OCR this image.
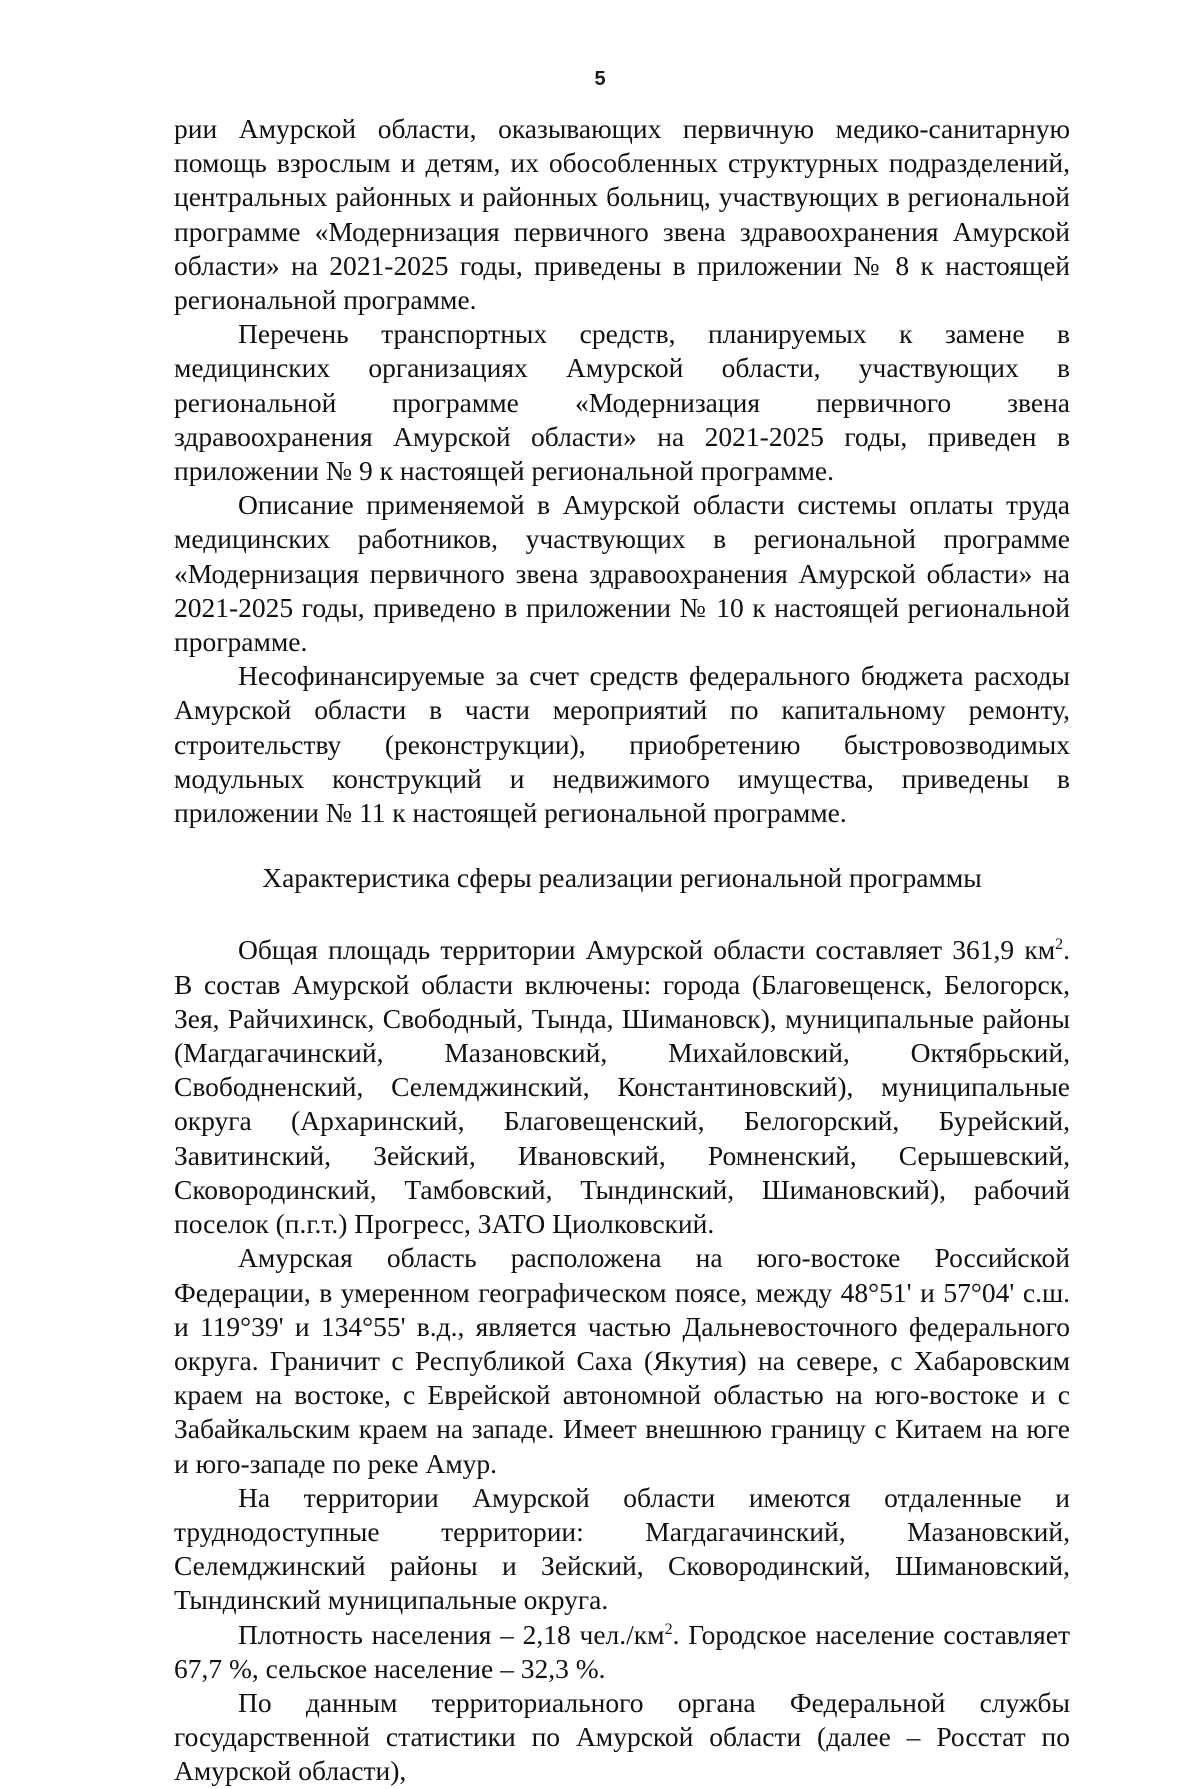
5

рии Амурской области, оказывающих первичную медико-санитарную помощь взрослым и детям, их обособленных структурных подразделений, центральных районных и районных больниц, участвующих в региональной программе «Модернизация первичного звена здравоохранения Амурской области» на 2021-2025 годы, приведены в приложении № 8 к настоящей региональной программе.

Перечень транспортных средств, планируемых к замене в медицинских организациях Амурской области, участвующих в региональной программе «Модернизация первичного звена здравоохранения Амурской области» на 2021-2025 годы, приведен в приложении № 9 к настоящей региональной программе.

Описание применяемой в Амурской области системы оплаты труда медицинских работников, участвующих в региональной программе «Модернизация первичного звена здравоохранения Амурской области» на 2021-2025 годы, приведено в приложении № 10 к настоящей региональной программе.

Несофинансируемые за счет средств федерального бюджета расходы Амурской области в части мероприятий по капитальному ремонту, строительству (реконструкции), приобретению быстровозводимых модульных конструкций и недвижимого имущества, приведены в приложении № 11 к настоящей региональной программе.

Характеристика сферы реализации региональной программы

Общая площадь территории Амурской области составляет 361,9 $км^2$. В состав Амурской области включены: города (Благовещенск, Белогорск, Зея, Райчихинск, Свободный, Тында, Шимановск), муниципальные районы (Магдагачинский, Мазановский, Михайловский, Октябрьский, Свободненский, Селемджинский, Константиновский), муниципальные округа (Архаринский, Благовещенский, Белогорский, Бурейский, Завитинский, Зейский, Ивановский, Ромненский, Серышевский, Сковородинский, Тамбовский, Тындинский, Шимановский), рабочий поселок (п.г.т.) Прогресс, ЗАТО Циолковский.

Амурская область расположена на юго-востоке Российской Федерации, в умеренном географическом поясе, между 48°51' и 57°04' с.ш. и 119°39' и 134°55' в.д., является частью Дальневосточного федерального округа. Граничит с Республикой Саха (Якутия) на севере, с Хабаровским краем на востоке, с Еврейской автономной областью на юго-востоке и с Забайкальским краем на западе. Имеет внешнюю границу с Китаем на юге и юго-западе по реке Амур.

На территории Амурской области имеются отдаленные и труднодоступные территории: Магдагачинский, Мазановский, Селемджинский районы и Зейский, Сковородинский, Шимановский, Тындинский муниципальные округа.

Плотность населения – 2,18 $чел./км^2$. Городское население составляет 67,7 %, сельское население – 32,3 %.

По данным территориального органа Федеральной службы государственной статистики по Амурской области (далее – Росстат по Амурской области),
